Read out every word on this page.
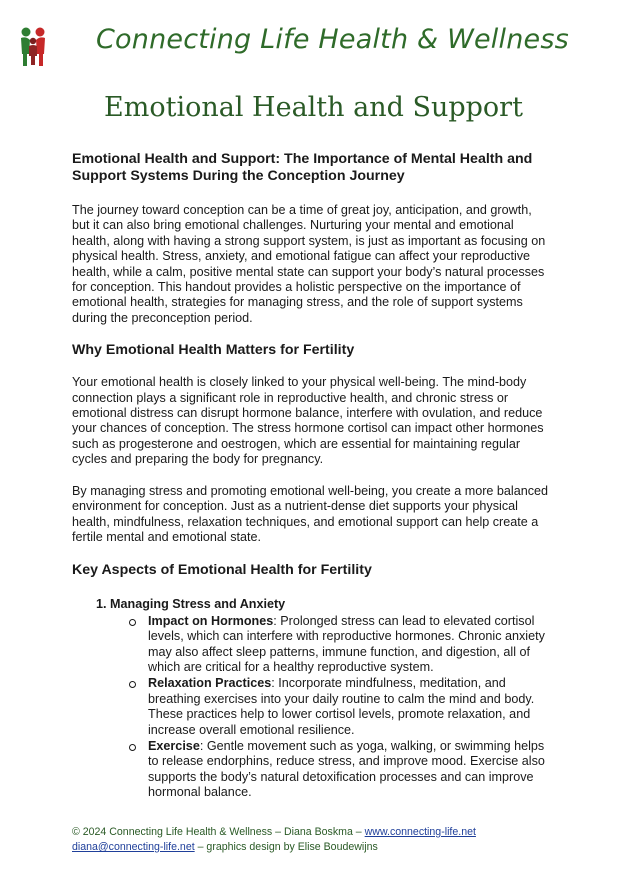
Connecting Life Health & Wellness
Emotional Health and Support
Emotional Health and Support: The Importance of Mental Health and Support Systems During the Conception Journey

The journey toward conception can be a time of great joy, anticipation, and growth, but it can also bring emotional challenges. Nurturing your mental and emotional health, along with having a strong support system, is just as important as focusing on physical health. Stress, anxiety, and emotional fatigue can affect your reproductive health, while a calm, positive mental state can support your body’s natural processes for conception. This handout provides a holistic perspective on the importance of emotional health, strategies for managing stress, and the role of support systems during the preconception period.

Why Emotional Health Matters for Fertility

Your emotional health is closely linked to your physical well-being. The mind-body connection plays a significant role in reproductive health, and chronic stress or emotional distress can disrupt hormone balance, interfere with ovulation, and reduce your chances of conception. The stress hormone cortisol can impact other hormones such as progesterone and oestrogen, which are essential for maintaining regular cycles and preparing the body for pregnancy.

By managing stress and promoting emotional well-being, you create a more balanced environment for conception. Just as a nutrient-dense diet supports your physical health, mindfulness, relaxation techniques, and emotional support can help create a fertile mental and emotional state.

Key Aspects of Emotional Health for Fertility
1. Managing Stress and Anxiety
Impact on Hormones: Prolonged stress can lead to elevated cortisol levels, which can interfere with reproductive hormones. Chronic anxiety may also affect sleep patterns, immune function, and digestion, all of which are critical for a healthy reproductive system.
Relaxation Practices: Incorporate mindfulness, meditation, and breathing exercises into your daily routine to calm the mind and body. These practices help to lower cortisol levels, promote relaxation, and increase overall emotional resilience.
Exercise: Gentle movement such as yoga, walking, or swimming helps to release endorphins, reduce stress, and improve mood. Exercise also supports the body’s natural detoxification processes and can improve hormonal balance.
© 2024 Connecting Life Health & Wellness – Diana Boskma – www.connecting-life.net
diana@connecting-life.net – graphics design by Elise Boudewijns
